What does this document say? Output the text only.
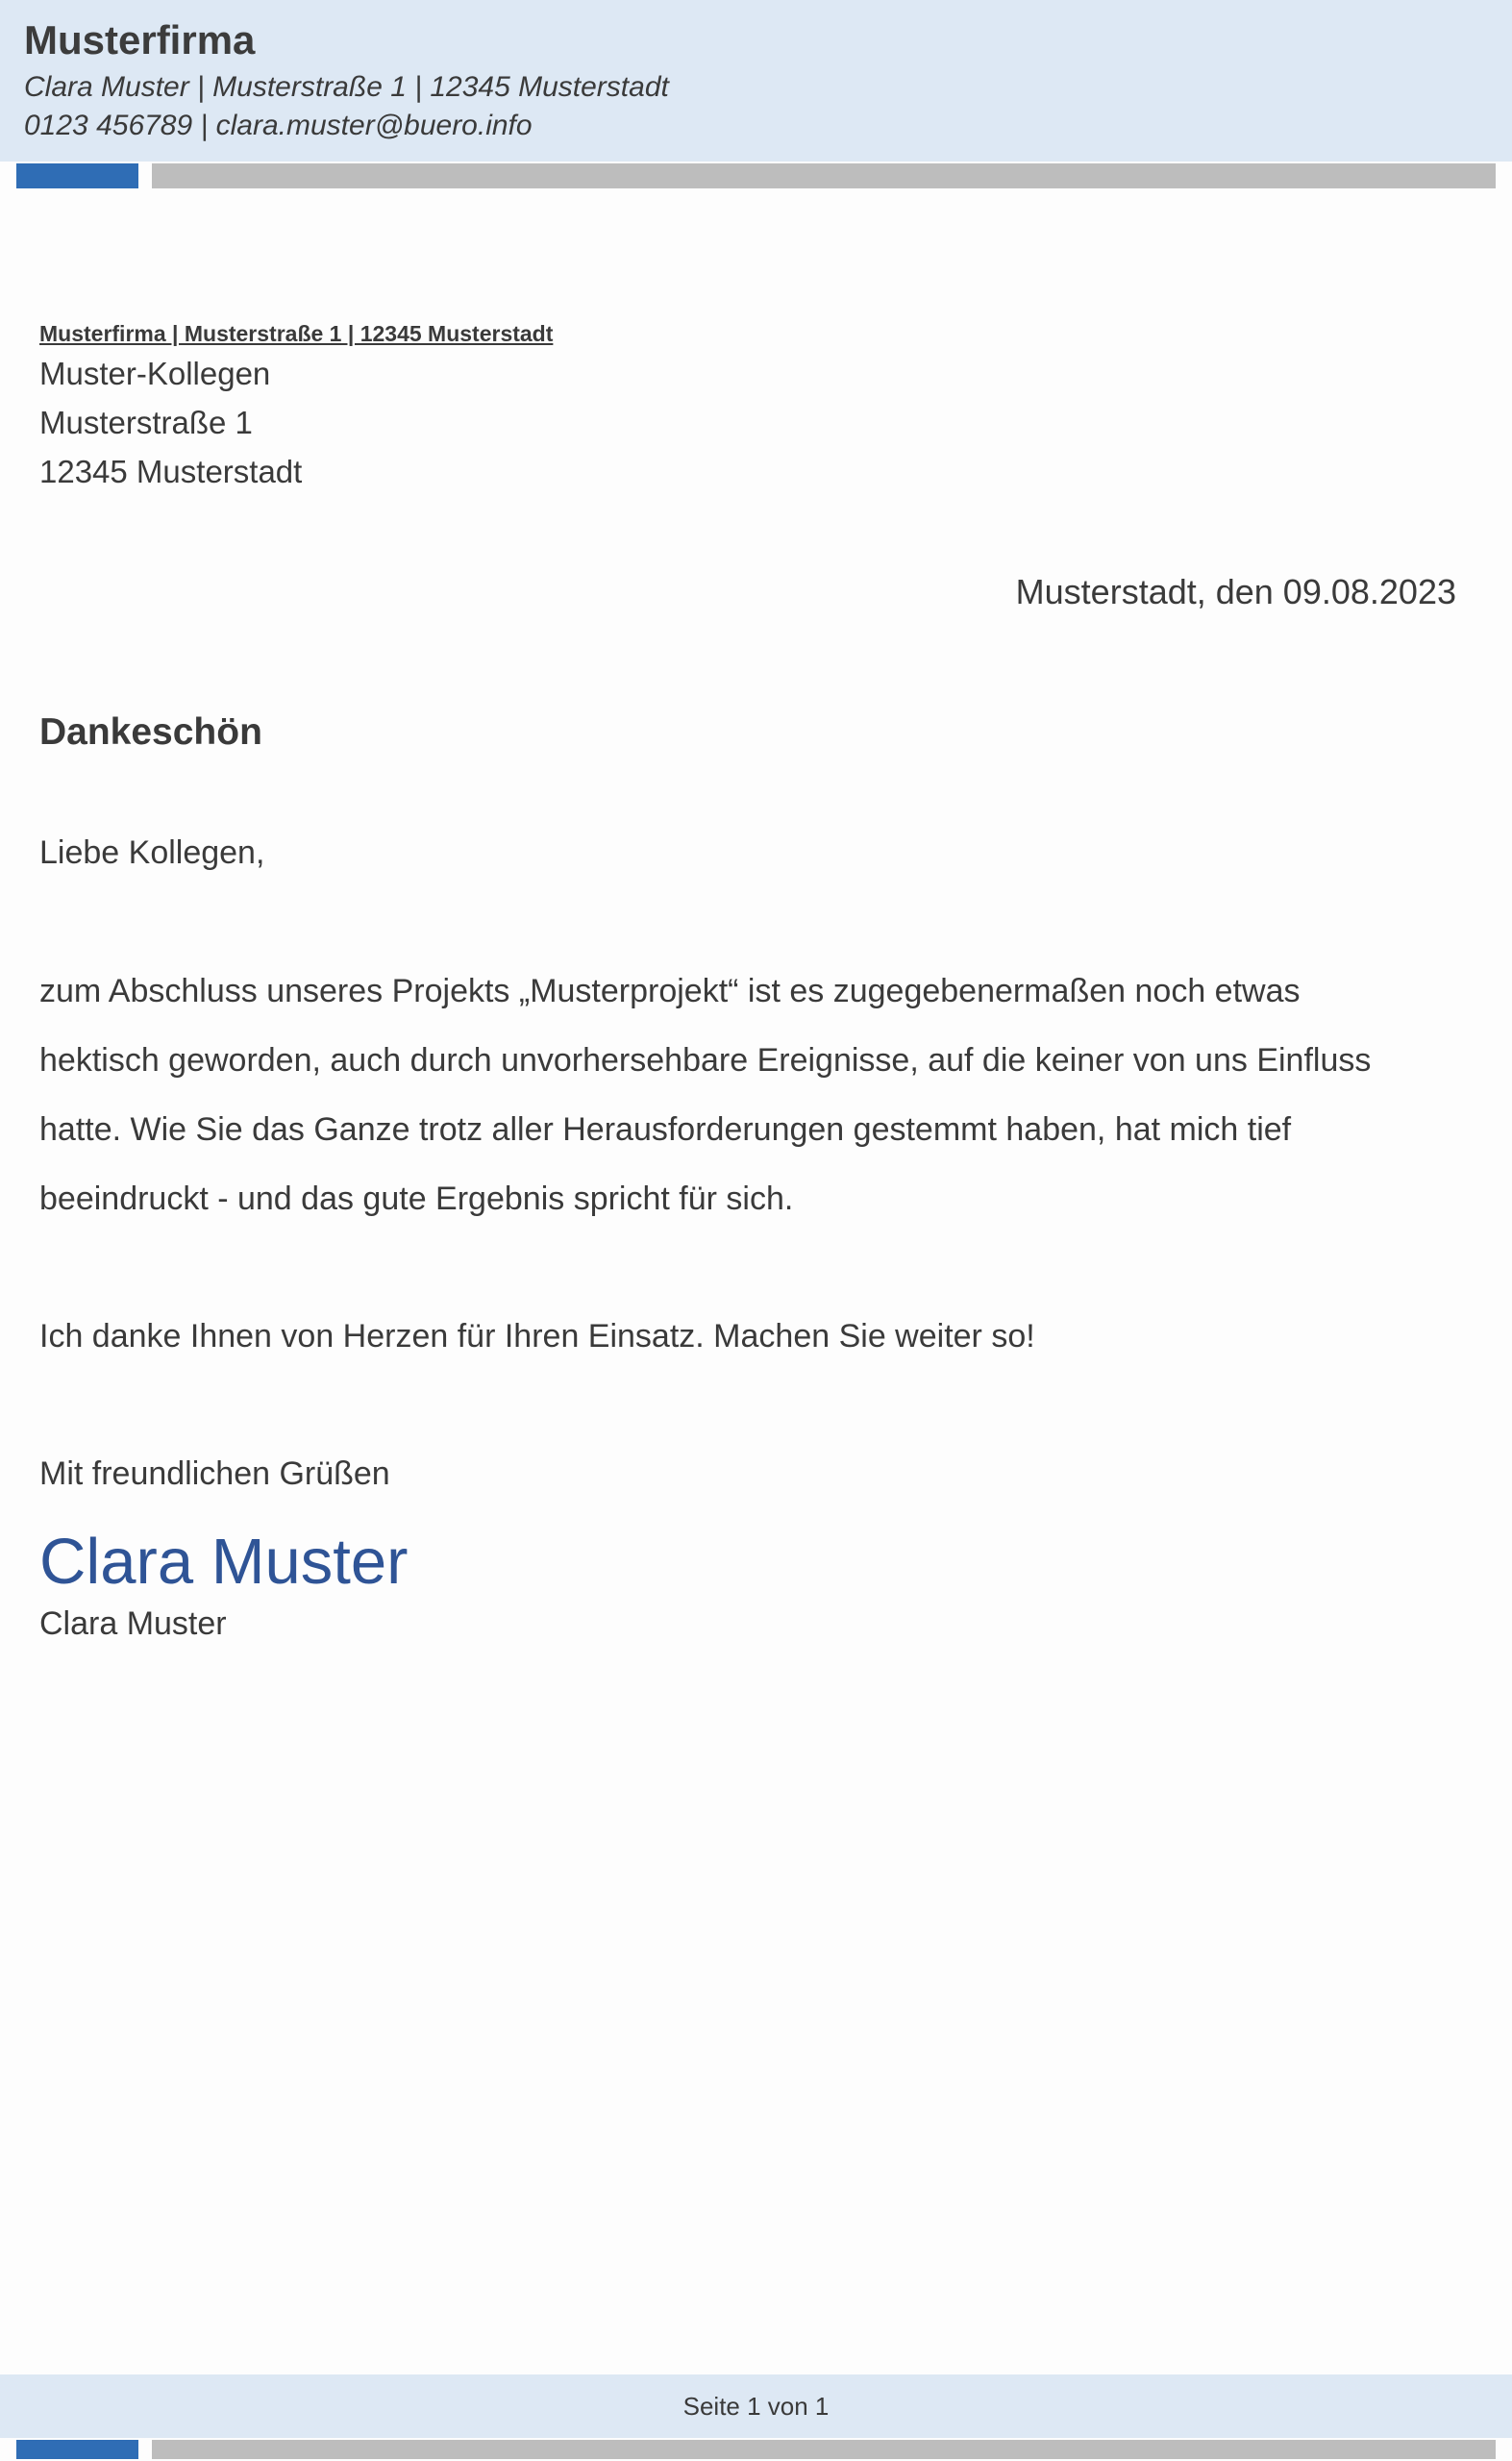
Musterfirma
Clara Muster | Musterstraße 1 | 12345 Musterstadt
0123 456789 | clara.muster@buero.info
Musterfirma | Musterstraße 1 | 12345 Musterstadt
Muster-Kollegen
Musterstraße 1
12345 Musterstadt
Musterstadt, den 09.08.2023
Dankeschön
Liebe Kollegen,
zum Abschluss unseres Projekts „Musterprojekt“ ist es zugegebenermaßen noch etwas
hektisch geworden, auch durch unvorhersehbare Ereignisse, auf die keiner von uns Einfluss
hatte. Wie Sie das Ganze trotz aller Herausforderungen gestemmt haben, hat mich tief
beeindruckt - und das gute Ergebnis spricht für sich.
Ich danke Ihnen von Herzen für Ihren Einsatz. Machen Sie weiter so!
Mit freundlichen Grüßen
Clara Muster
Clara Muster
Seite 1 von 1
